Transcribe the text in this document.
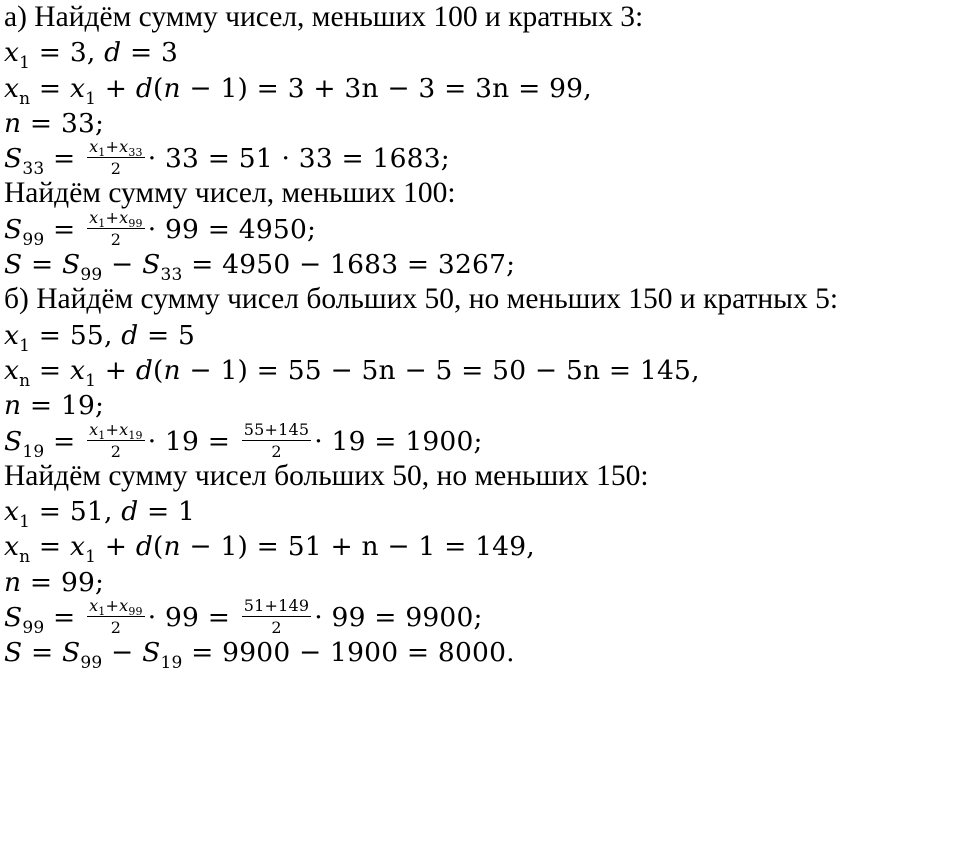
а) Найдём сумму чисел, меньших 100 и кратных 3:
$x_1 = 3$, d = 3
$x_n = x_1 + d(n - 1) = 3 + 3n - 3 = 3n = 99$,
n = 33;
$S_{33} = \frac{x_1+x_{33}}{2} \cdot 33 = 51 \cdot 33 = 1683$;
Найдём сумму чисел, меньших 100:
$S_{99} = \frac{x_1+x_{99}}{2} \cdot 99 = 4950$;
$S = S_{99} - S_{33} = 4950 - 1683 = 3267$;
б) Найдём сумму чисел больших 50, но меньших 150 и кратных 5:
$x_1 = 55$, d = 5
$x_n = x_1 + d(n - 1) = 55 - 5n - 5 = 50 - 5n = 145$,
n = 19;
$S_{19} = \frac{x_1+x_{19}}{2} \cdot 19 = \frac{55+145}{2} \cdot 19 = 1900$;
Найдём сумму чисел больших 50, но меньших 150:
$x_1 = 51$, d = 1
$x_n = x_1 + d(n - 1) = 51 + n - 1 = 149$,
n = 99;
$S_{99} = \frac{x_1+x_{99}}{2} \cdot 99 = \frac{51+149}{2} \cdot 99 = 9900$;
$S = S_{99} - S_{19} = 9900 - 1900 = 8000$.
